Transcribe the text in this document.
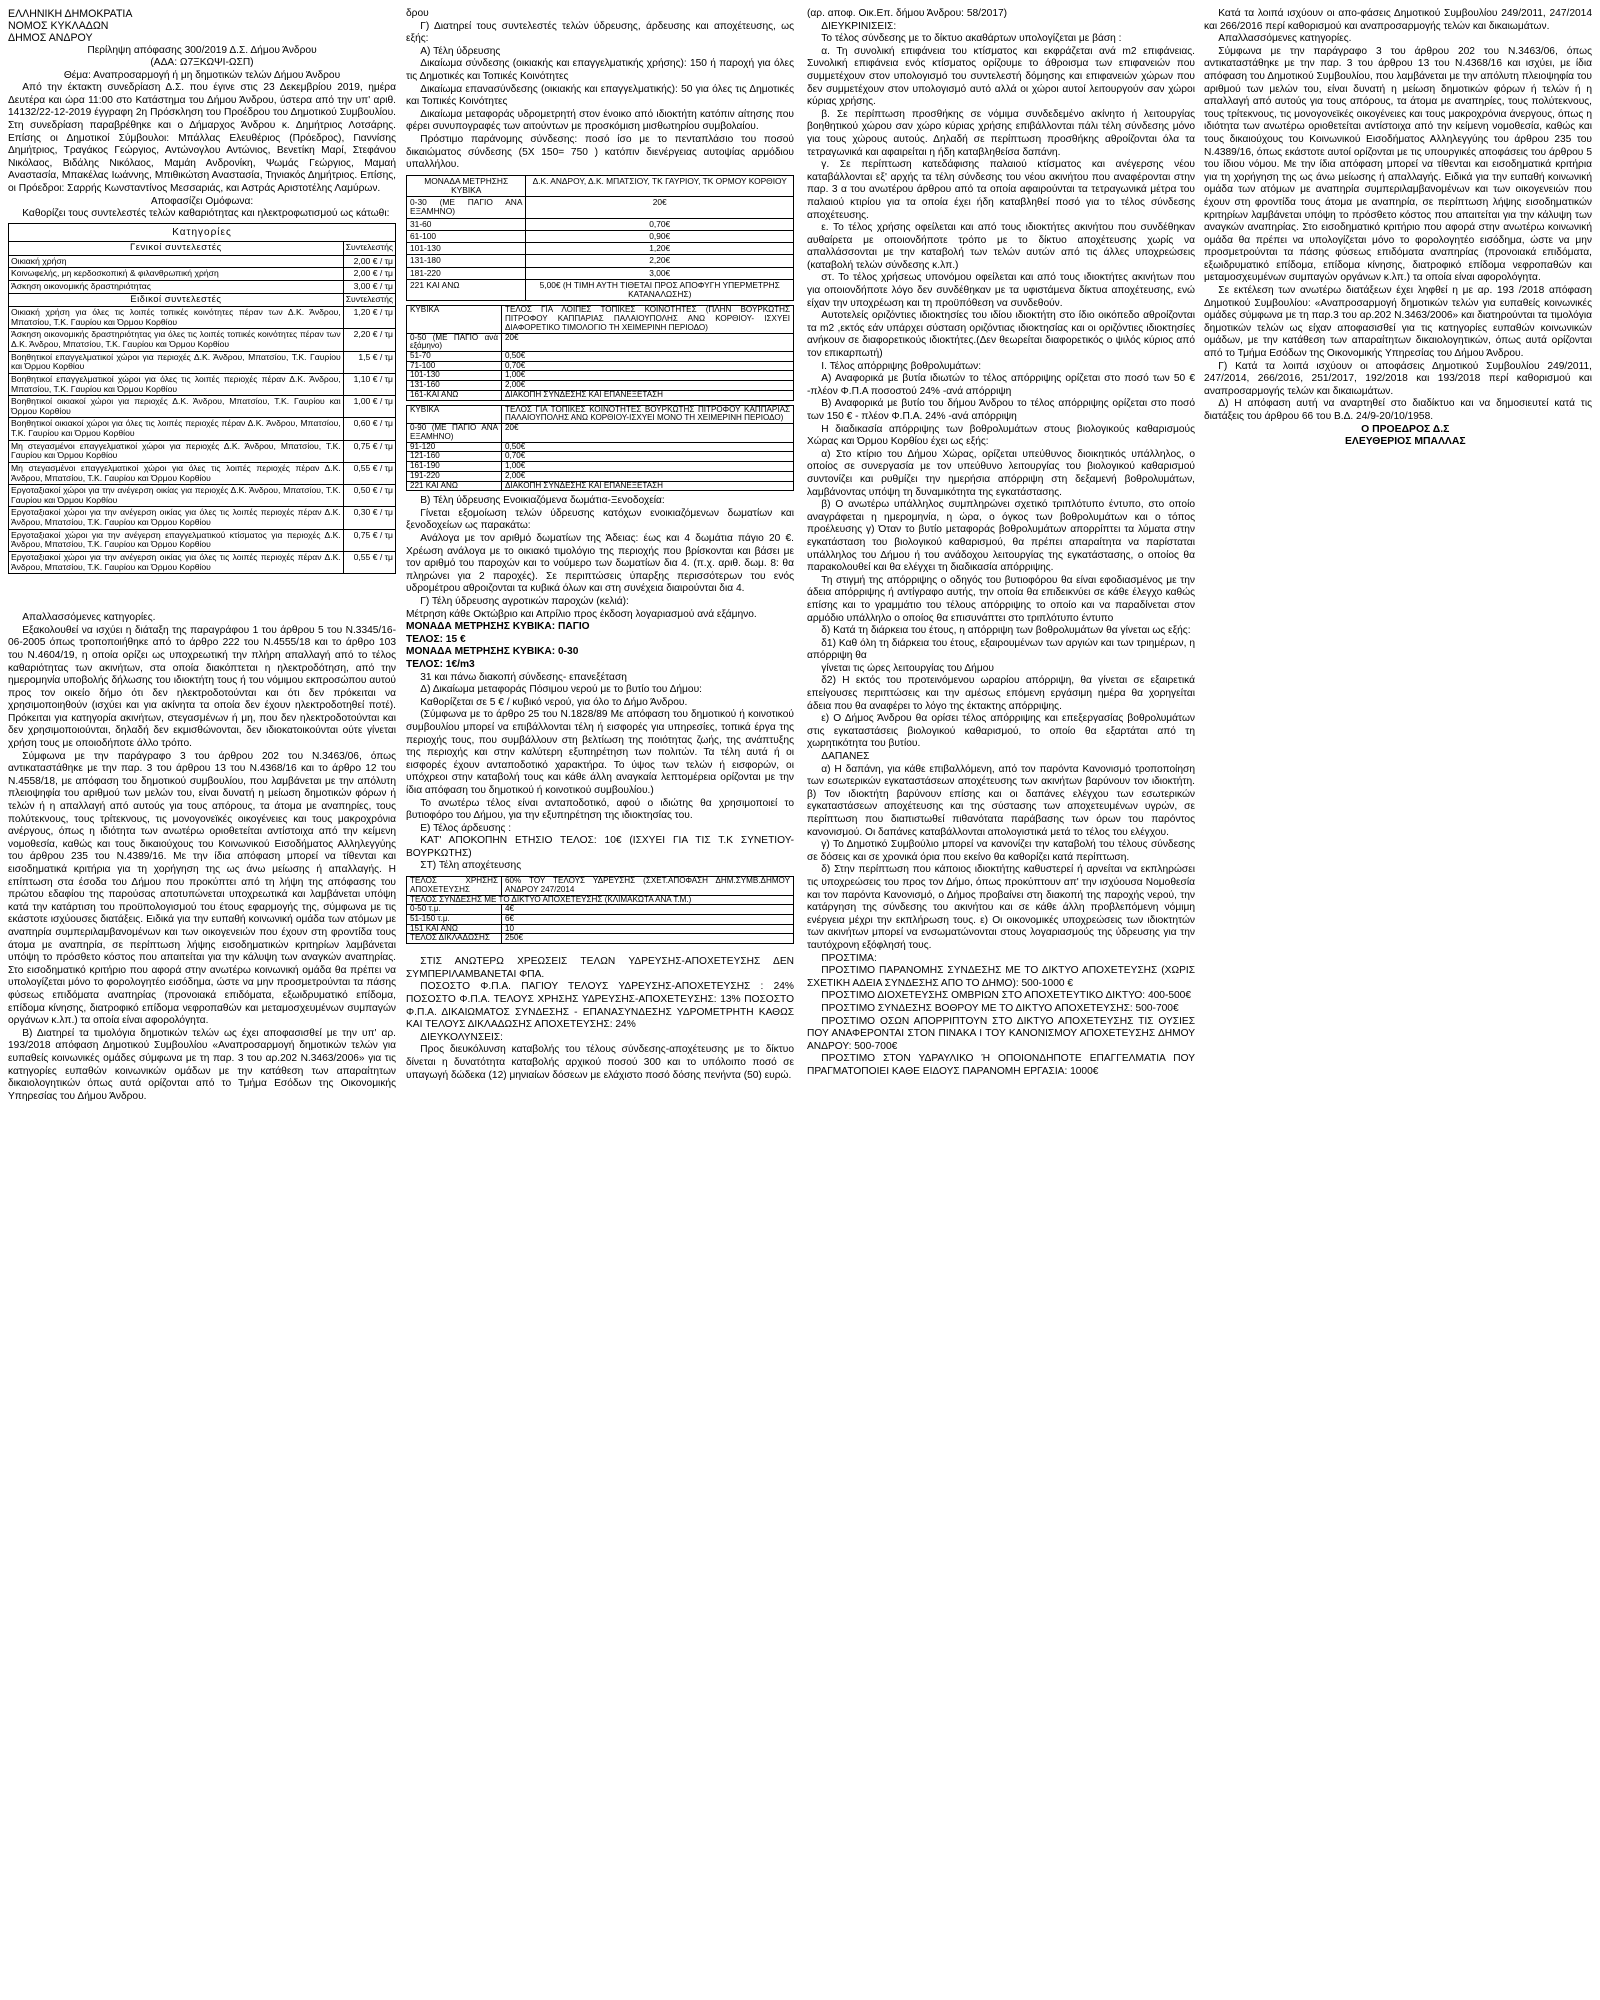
ΕΛΛΗΝΙΚΗ ΔΗΜΟΚΡΑΤΙΑ

ΝΟΜΟΣ ΚΥΚΛΑΔΩΝ

ΔΗΜΟΣ ΑΝΔΡΟΥ

Περίληψη απόφασης 300/2019 Δ.Σ. Δήμου Άνδρου

(ΑΔΑ: Ω7ΞΚΩΨΙ-ΩΣΠ)

Θέμα: Αναπροσαρμογή ή μη δημοτικών τελών Δήμου Άνδρου

Από την έκτακτη συνεδρίαση Δ.Σ. που έγινε στις 23 Δεκεμβρίου 2019, ημέρα Δευτέρα και ώρα 11:00 στο Κατάστημα του Δήμου Άνδρου, ύστερα από την υπ' αριθ. 14132/22-12-2019 έγγραφη 2η Πρόσκληση του Προέδρου του Δημοτικού Συμβουλίου. Στη συνεδρίαση παραβρέθηκε και ο Δήμαρχος Άνδρου κ. Δημήτριος Λοτσάρης. Επίσης οι Δημοτικοί Σύμβουλοι: Μπάλλας Ελευθέριος (Πρόεδρος), Γιαννίσης Δημήτριος, Τραγάκος Γεώργιος, Αντώνογλου Αντώνιος, Βενετίκη Μαρί, Στεφάνου Νικόλαος, Βιδάλης Νικόλαος, Μαμάη Ανδρονίκη, Ψωμάς Γεώργιος, Μαμαή Αναστασία, Μπακέλας Ιωάννης, Μπιθικώτση Αναστασία, Τηνιακός Δημήτριος. Επίσης, οι Πρόεδροι: Σαρρής Κωνσταντίνος Μεσσαριάς, και Αστράς Αριστοτέλης Λαμύρων.

Αποφασίζει Ομόφωνα:

Καθορίζει τους συντελεστές τελών καθαριότητας και ηλεκτροφωτισμού ως κάτωθι:

Κατηγορίες	
Γενικοί συντελεστές	Συντελεστής
Οικιακή χρήση	2,00 € / τμ
Κοινωφελής, μη κερδοσκοπική & φιλανθρωπική χρήση	2,00 € / τμ
Άσκηση οικονομικής δραστηριότητας	3,00 € / τμ
Ειδικοί συντελεστές	Συντελεστής
Οικιακή χρήση για όλες τις λοιπές τοπικές κοινότητες πέραν των Δ.Κ. Άνδρου, Μπατσίου, Τ.Κ. Γαυρίου και Όρμου Κορθίου	1,20 € / τμ
Άσκηση οικονομικής δραστηριότητας για όλες τις λοιπές τοπικές κοινότητες πέραν των Δ.Κ. Άνδρου, Μπατσίου, Τ.Κ. Γαυρίου και Όρμου Κορθίου	2,20 € / τμ
Βοηθητικοί επαγγελματικοί χώροι για περιοχές Δ.Κ. Άνδρου, Μπατσίου, Τ.Κ. Γαυρίου και Όρμου Κορθίου	1,5 € / τμ
Βοηθητικοί επαγγελματικοί χώροι για όλες τις λοιπές περιοχές πέραν Δ.Κ. Άνδρου, Μπατσίου, Τ.Κ. Γαυρίου και Όρμου Κορθίου	1,10 € / τμ
Βοηθητικοί οικιακοί χώροι για περιοχές Δ.Κ. Άνδρου, Μπατσίου, Τ.Κ. Γαυρίου και Όρμου Κορθίου	1,00 € / τμ
Βοηθητικοί οικιακοί χώροι για όλες τις λοιπές περιοχές πέραν Δ.Κ. Άνδρου, Μπατσίου, Τ.Κ. Γαυρίου και Όρμου Κορθίου	0,60 € / τμ
Μη στεγασμένοι επαγγελματικοί χώροι για περιοχές Δ.Κ. Άνδρου, Μπατσίου, Τ.Κ. Γαυρίου και Όρμου Κορθίου	0,75 € / τμ
Μη στεγασμένοι επαγγελματικοί χώροι για όλες τις λοιπές περιοχές πέραν Δ.Κ. Άνδρου, Μπατσίου, Τ.Κ. Γαυρίου και Όρμου Κορθίου	0,55 € / τμ
Εργοταξιακοί χώροι για την ανέγερση οικίας για περιοχές Δ.Κ. Άνδρου, Μπατσίου, Τ.Κ. Γαυρίου και Όρμου Κορθίου	0,50 € / τμ
Εργοταξιακοί χώροι για την ανέγερση οικίας για όλες τις λοιπές περιοχές πέραν Δ.Κ. Άνδρου, Μπατσίου, Τ.Κ. Γαυρίου και Όρμου Κορθίου	0,30 € / τμ
Εργοταξιακοί χώροι για την ανέγερση επαγγελματικού κτίσματος για περιοχές Δ.Κ. Άνδρου, Μπατσίου, Τ.Κ. Γαυρίου και Όρμου Κορθίου	0,75 € / τμ
Εργοταξιακοί χώροι για την ανέγερση οικίας για όλες τις λοιπές περιοχές πέραν Δ.Κ. Άνδρου, Μπατσίου, Τ.Κ. Γαυρίου και Όρμου Κορθίου	0,55 € / τμ

Απαλλασσόμενες κατηγορίες.

Εξακολουθεί να ισχύει η διάταξη της παραγράφου 1 του άρθρου 5 του Ν.3345/16-06-2005 όπως τροποποιήθηκε από το άρθρο 222 του Ν.4555/18 και το άρθρο 103 του Ν.4604/19, η οποία ορίζει ως υποχρεωτική την πλήρη απαλλαγή από το τέλος καθαριότητας των ακινήτων, στα οποία διακόπτεται η ηλεκτροδότηση, από την ημερομηνία υποβολής δήλωσης του ιδιοκτήτη τους ή του νόμιμου εκπροσώπου αυτού προς τον οικείο δήμο ότι δεν ηλεκτροδοτούνται και ότι δεν πρόκειται να χρησιμοποιηθούν (ισχύει και για ακίνητα τα οποία δεν έχουν ηλεκτροδοτηθεί ποτέ). Πρόκειται για κατηγορία ακινήτων, στεγασμένων ή μη, που δεν ηλεκτροδοτούνται και δεν χρησιμοποιούνται, δηλαδή δεν εκμισθώνονται, δεν ιδιοκατοικούνται ούτε γίνεται χρήση τους με οποιοδήποτε άλλο τρόπο.

Σύμφωνα με την παράγραφο 3 του άρθρου 202 του Ν.3463/06, όπως αντικαταστάθηκε με την παρ. 3 του άρθρου 13 του Ν.4368/16 και το άρθρο 12 του Ν.4558/18, με απόφαση του δημοτικού συμβουλίου, που λαμβάνεται με την απόλυτη πλειοψηφία του αριθμού των μελών του, είναι δυνατή η μείωση δημοτικών φόρων ή τελών ή η απαλλαγή από αυτούς για τους απόρους, τα άτομα με αναπηρίες, τους πολύτεκνους, τους τρίτεκνους, τις μονογονεϊκές οικογένειες και τους μακροχρόνια ανέργους, όπως η ιδιότητα των ανωτέρω οριοθετείται αντίστοιχα από την κείμενη νομοθεσία, καθώς και τους δικαιούχους του Κοινωνικού Εισοδήματος Αλληλεγγύης του άρθρου 235 του Ν.4389/16. Με την ίδια απόφαση μπορεί να τίθενται και εισοδηματικά κριτήρια για τη χορήγηση της ως άνω μείωσης ή απαλλαγής. Η επίπτωση στα έσοδα του Δήμου που προκύπτει από τη λήψη της απόφασης του πρώτου εδαφίου της παρούσας αποτυπώνεται υποχρεωτικά και λαμβάνεται υπόψη κατά την κατάρτιση του προϋπολογισμού του έτους εφαρμογής της, σύμφωνα με τις εκάστοτε ισχύουσες διατάξεις. Ειδικά για την ευπαθή κοινωνική ομάδα των ατόμων με αναπηρία συμπεριλαμβανομένων και των οικογενειών που έχουν στη φροντίδα τους άτομα με αναπηρία, σε περίπτωση λήψης εισοδηματικών κριτηρίων λαμβάνεται υπόψη το πρόσθετο κόστος που απαιτείται για την κάλυψη των αναγκών αναπηρίας. Στο εισοδηματικό κριτήριο που αφορά στην ανωτέρω κοινωνική ομάδα θα πρέπει να υπολογίζεται μόνο το φορολογητέο εισόδημα, ώστε να μην προσμετρούνται τα πάσης φύσεως επιδόματα αναπηρίας (προνοιακά επιδόματα, εξωιδρυματικό επίδομα, επίδομα κίνησης, διατροφικό επίδομα νεφροπαθών και μεταμοσχευμένων συμπαγών οργάνων κ.λπ.) τα οποία είναι αφορολόγητα.

Β) Διατηρεί τα τιμολόγια δημοτικών τελών ως έχει αποφασισθεί με την υπ' αρ. 193/2018 απόφαση Δημοτικού Συμβουλίου «Αναπροσαρμογή δημοτικών τελών για ευπαθείς κοινωνικές ομάδες σύμφωνα με τη παρ. 3 του αρ.202 Ν.3463/2006» για τις κατηγορίες ευπαθών κοινωνικών ομάδων με την κατάθεση των απαραίτητων δικαιολογητικών όπως αυτά ορίζονται από το Τμήμα Εσόδων της Οικονομικής Υπηρεσίας του Δήμου Άνδρου.

δρου

Γ) Διατηρεί τους συντελεστές τελών ύδρευσης, άρδευσης και αποχέτευσης, ως εξής:

Α) Τέλη ύδρευσης

Δικαίωμα σύνδεσης (οικιακής και επαγγελματικής χρήσης): 150 ή παροχή για όλες τις Δημοτικές και Τοπικές Κοινότητες

Δικαίωμα επανασύνδεσης (οικιακής και επαγγελματικής): 50 για όλες τις Δημοτικές και Τοπικές Κοινότητες

Δικαίωμα μεταφοράς υδρομετρητή στον ένοικο από ιδιοκτήτη κατόπιν αίτησης που φέρει συνυπογραφές των αιτούντων με προσκόμιση μισθωτηρίου συμβολαίου.

Πρόστιμο παράνομης σύνδεσης: ποσό ίσο με το πενταπλάσιο του ποσού δικαιώματος σύνδεσης (5Χ 150= 750 ) κατόπιν διενέργειας αυτοψίας αρμόδιου υπαλλήλου.

ΜΟΝΑΔΑ ΜΕΤΡΗΣΗΣ ΚΥΒΙΚΑ	Δ.Κ. ΑΝΔΡΟΥ, Δ.Κ. ΜΠΑΤΣΙΟΥ, ΤΚ ΓΑΥΡΙΟΥ, ΤΚ ΟΡΜΟΥ ΚΟΡΘΙΟΥ
0-30 (ΜΕ ΠΑΓΙΟ ΑΝΑ ΕΞΑΜΗΝΟ)	20€
31-60	0,70€
61-100	0,90€
101-130	1,20€
131-180	2,20€
181-220	3,00€
221 ΚΑΙ ΑΝΩ	5,00€ (Η ΤΙΜΗ ΑΥΤΗ ΤΙΘΕΤΑΙ ΠΡΟΣ ΑΠΟΦΥΓΗ ΥΠΕΡΜΕΤΡΗΣ ΚΑΤΑΝΑΛΩΣΗΣ)
ΚΥΒΙΚΑ	ΤΕΛΟΣ ΓΙΑ ΛΟΙΠΕΣ ΤΟΠΙΚΕΣ ΚΟΙΝΟΤΗΤΕΣ (ΠΛΗΝ ΒΟΥΡΚΩΤΗΣ ΠΙΤΡΟΦΟΥ ΚΑΠΠΑΡΙΑΣ ΠΑΛΑΙΟΥΠΟΛΗΣ ΑΝΩ ΚΟΡΘΙΟΥ- ΙΣΧΥΕΙ ΔΙΑΦΟΡΕΤΙΚΟ ΤΙΜΟΛΟΓΙΟ ΤΗ ΧΕΙΜΕΡΙΝΗ ΠΕΡΙΟΔΟ)
0-50 (ΜΕ ΠΑΓΙΟ ανά εξάμηνο)	20€
51-70	0,50€
71-100	0,70€
101-130	1,00€
131-160	2,00€
161-ΚΑΙ ΑΝΩ	ΔΙΑΚΟΠΗ ΣΥΝΔΕΣΗΣ ΚΑΙ ΕΠΑΝΕΞΕΤΑΣΗ
ΚΥΒΙΚΑ	ΤΕΛΟΣ ΓΙΑ ΤΟΠΙΚΕΣ ΚΟΙΝΟΤΗΤΕΣ ΒΟΥΡΚΩΤΗΣ ΠΙΤΡΟΦΟΥ ΚΑΠΠΑΡΙΑΣ ΠΑΛΑΙΟΥΠΟΛΗΣ ΑΝΩ ΚΟΡΘΙΟΥ-ΙΣΧΥΕΙ ΜΟΝΟ ΤΗ ΧΕΙΜΕΡΙΝΗ ΠΕΡΙΟΔΟ)
0-90 (ΜΕ ΠΑΓΙΟ ΑΝΑ ΕΞΑΜΗΝΟ)	20€
91-120	0,50€
121-160	0,70€
161-190	1,00€
191-220	2,00€
221 ΚΑΙ ΑΝΩ	ΔΙΑΚΟΠΗ ΣΥΝΔΕΣΗΣ ΚΑΙ ΕΠΑΝΕΞΕΤΑΣΗ

Β) Τέλη ύδρευσης Ενοικιαζόμενα δωμάτια-Ξενοδοχεία:

Γίνεται εξομοίωση τελών ύδρευσης κατόχων ενοικιαζόμενων δωματίων και ξενοδοχείων ως παρακάτω:

Ανάλογα με τον αριθμό δωματίων της Άδειας: έως και 4 δωμάτια πάγιο 20 €. Χρέωση ανάλογα με το οικιακό τιμολόγιο της περιοχής που βρίσκονται και βάσει με τον αριθμό του παροχών και το νούμερο των δωματίων δια 4. (π.χ. αριθ. δωμ. 8: θα πληρώνει για 2 παροχές). Σε περιπτώσεις ύπαρξης περισσότερων του ενός υδρομέτρου αθροιζονται τα κυβικά όλων και στη συνέχεια διαιρούνται δια 4.

Γ) Τέλη ύδρευσης αγροτικών παροχών (κελιά):

Μέτρηση κάθε Οκτώβριο και Απρίλιο προς έκδοση λογαριασμού ανά εξάμηνο.

ΜΟΝΑΔΑ ΜΕΤΡΗΣΗΣ ΚΥΒΙΚΑ: ΠΑΓΙΟ

ΤΕΛΟΣ: 15 €

ΜΟΝΑΔΑ ΜΕΤΡΗΣΗΣ ΚΥΒΙΚΑ: 0-30

ΤΕΛΟΣ: 1€/m3

31 και πάνω διακοπή σύνδεσης- επανεξέταση

Δ) Δικαίωμα μεταφοράς Πόσιμου νερού με το βυτίο του Δήμου:

Καθορίζεται σε 5 € / κυβικό νερού, για όλο το Δήμο Άνδρου.

(Σύμφωνα με το άρθρο 25 του Ν.1828/89 Με απόφαση του δημοτικού ή κοινοτικού συμβουλίου μπορεί να επιβάλλονται τέλη ή εισφορές για υπηρεσίες, τοπικά έργα της περιοχής τους, που συμβάλλουν στη βελτίωση της ποιότητας ζωής, της ανάπτυξης της περιοχής και στην καλύτερη εξυπηρέτηση των πολιτών. Τα τέλη αυτά ή οι εισφορές έχουν ανταποδοτικό χαρακτήρα. Το ύψος των τελών ή εισφορών, οι υπόχρεοι στην καταβολή τους και κάθε άλλη αναγκαία λεπτομέρεια ορίζονται με την ίδια απόφαση του δημοτικού ή κοινοτικού συμβουλίου.)

Το ανωτέρω τέλος είναι ανταποδοτικό, αφού ο ιδιώτης θα χρησιμοποιεί το βυτιοφόρο του Δήμου, για την εξυπηρέτηση της ιδιοκτησίας του.

Ε) Τέλος άρδευσης :

ΚΑΤ' ΑΠΟΚΟΠΗΝ ΕΤΗΣΙΟ ΤΕΛΟΣ: 10€ (ΙΣΧΥΕΙ ΓΙΑ ΤΙΣ Τ.Κ ΣΥΝΕΤΙΟΥ- ΒΟΥΡΚΩΤΗΣ)

ΣΤ) Τέλη αποχέτευσης

ΤΕΛΟΣ ΧΡΗΣΗΣ ΑΠΟΧΕΤΕΥΣΗΣ	60% ΤΟΥ ΤΕΛΟΥΣ ΥΔΡΕΥΣΗΣ (ΣΧΕΤ.ΑΠΟΦΑΣΗ ΔΗΜ.ΣΥΜΒ.ΔΗΜΟΥ ΑΝΔΡΟΥ 247/2014
ΤΕΛΟΣ ΣΥΝΔΕΣΗΣ ΜΕ ΤΟ ΔΙΚΤΥΟ ΑΠΟΧΕΤΕΥΣΗΣ (ΚΛΙΜΑΚΩΤΑ ΑΝΑ Τ.Μ.)	
0-50 τ.μ.	4€
51-150 τ.μ.	6€
151 ΚΑΙ ΑΝΩ	10
ΤΕΛΟΣ ΔΙΚΛΑΔΩΣΗΣ	250€

ΣΤΙΣ ΑΝΩΤΕΡΩ ΧΡΕΩΣΕΙΣ ΤΕΛΩΝ ΥΔΡΕΥΣΗΣ-ΑΠΟΧΕΤΕΥΣΗΣ ΔΕΝ ΣΥΜΠΕΡΙΛΑΜΒΑΝΕΤΑΙ ΦΠΑ.

ΠΟΣΟΣΤΟ Φ.Π.Α. ΠΑΓΙΟΥ ΤΕΛΟΥΣ ΥΔΡΕΥΣΗΣ-ΑΠΟΧΕΤΕΥΣΗΣ : 24% ΠΟΣΟΣΤΟ Φ.Π.Α. ΤΕΛΟΥΣ ΧΡΗΣΗΣ ΥΔΡΕΥΣΗΣ-ΑΠΟΧΕΤΕΥΣΗΣ: 13% ΠΟΣΟΣΤΟ Φ.Π.Α. ΔΙΚΑΙΩΜΑΤΟΣ ΣΥΝΔΕΣΗΣ - ΕΠΑΝΑΣΥΝΔΕΣΗΣ ΥΔΡΟΜΕΤΡΗΤΗ ΚΑΘΩΣ ΚΑΙ ΤΕΛΟΥΣ ΔΙΚΛΑΔΩΣΗΣ ΑΠΟΧΕΤΕΥΣΗΣ: 24%

ΔΙΕΥΚΟΛΥΝΣΕΙΣ:

Προς διευκόλυνση καταβολής του τέλους σύνδεσης-αποχέτευσης με το δίκτυο δίνεται η δυνατότητα καταβολής αρχικού ποσού 300 και το υπόλοιπο ποσό σε υπαγωγή δώδεκα (12) μηνιαίων δόσεων με ελάχιστο ποσό δόσης πενήντα (50) ευρώ.

(αρ. αποφ. Οικ.Επ. δήμου Άνδρου: 58/2017)

ΔΙΕΥΚΡΙΝΙΣΕΙΣ:

Το τέλος σύνδεσης με το δίκτυο ακαθάρτων υπολογίζεται με βάση :

α. Τη συνολική επιφάνεια του κτίσματος και εκφράζεται ανά m2 επιφάνειας. Συνολική επιφάνεια ενός κτίσματος ορίζουμε το άθροισμα των επιφανειών που συμμετέχουν στον υπολογισμό του συντελεστή δόμησης και επιφανειών χώρων που δεν συμμετέχουν στον υπολογισμό αυτό αλλά οι χώροι αυτοί λειτουργούν σαν χώροι κύριας χρήσης.

β. Σε περίπτωση προσθήκης σε νόμιμα συνδεδεμένο ακίνητο ή λειτουργίας βοηθητικού χώρου σαν χώρο κύριας χρήσης επιβάλλονται πάλι τέλη σύνδεσης μόνο για τους χώρους αυτούς. Δηλαδή σε περίπτωση προσθήκης αθροίζονται όλα τα τετραγωνικά και αφαιρείται η ήδη καταβληθείσα δαπάνη.

γ. Σε περίπτωση κατεδάφισης παλαιού κτίσματος και ανέγερσης νέου καταβάλλονται εξ' αρχής τα τέλη σύνδεσης του νέου ακινήτου που αναφέρονται στην παρ. 3 α του ανωτέρου άρθρου από τα οποία αφαιρούνται τα τετραγωνικά μέτρα του παλαιού κτιρίου για τα οποία έχει ήδη καταβληθεί ποσό για το τέλος σύνδεσης αποχέτευσης.

ε. Το τέλος χρήσης οφείλεται και από τους ιδιοκτήτες ακινήτου που συνδέθηκαν αυθαίρετα με οποιονδήποτε τρόπο με το δίκτυο αποχέτευσης χωρίς να απαλλάσσονται με την καταβολή των τελών αυτών από τις άλλες υποχρεώσεις (καταβολή τελών σύνδεσης κ.λπ.)

στ. Το τέλος χρήσεως υπονόμου οφείλεται και από τους ιδιοκτήτες ακινήτων που για οποιονδήποτε λόγο δεν συνδέθηκαν με τα υφιστάμενα δίκτυα αποχέτευσης, ενώ είχαν την υποχρέωση και τη προϋπόθεση να συνδεθούν.

Αυτοτελείς οριζόντιες ιδιοκτησίες του ιδίου ιδιοκτήτη στο ίδιο οικόπεδο αθροίζονται τα m2 ,εκτός εάν υπάρχει σύσταση οριζόντιας ιδιοκτησίας και οι οριζόντιες ιδιοκτησίες ανήκουν σε διαφορετικούς ιδιοκτήτες.(Δεν θεωρείται διαφορετικός ο ψιλός κύριος από τον επικαρπωτή)

Ι. Τέλος απόρριψης βοθρολυμάτων:

Α) Αναφορικά με βυτία ιδιωτών το τέλος απόρριψης ορίζεται στο ποσό των 50 € -πλέον Φ.Π.Α ποσοστού 24% -ανά απόρριψη

Β) Αναφορικά με βυτίο του δήμου Άνδρου το τέλος απόρριψης ορίζεται στο ποσό των 150 € - πλέον Φ.Π.Α. 24% -ανά απόρριψη

Η διαδικασία απόρριψης των βοθρολυμάτων στους βιολογικούς καθαρισμούς Χώρας και Όρμου Κορθίου έχει ως εξής:

α) Στο κτίριο του Δήμου Χώρας, ορίζεται υπεύθυνος διοικητικός υπάλληλος, ο οποίος σε συνεργασία με τον υπεύθυνο λειτουργίας του βιολογικού καθαρισμού συντονίζει και ρυθμίζει την ημερήσια απόρριψη στη δεξαμενή βοθρολυμάτων, λαμβάνοντας υπόψη τη δυναμικότητα της εγκατάστασης.

β) Ο ανωτέρω υπάλληλος συμπληρώνει σχετικό τριπλότυπο έντυπο, στο οποίο αναγράφεται η ημερομηνία, η ώρα, ο όγκος των βοθρολυμάτων και ο τόπος προέλευσης γ) Όταν το βυτίο μεταφοράς βοθρολυμάτων απορρίπτει τα λύματα στην εγκατάσταση του βιολογικού καθαρισμού, θα πρέπει απαραίτητα να παρίσταται υπάλληλος του Δήμου ή του ανάδοχου λειτουργίας της εγκατάστασης, ο οποίος θα παρακολουθεί και θα ελέγχει τη διαδικασία απόρριψης.

Τη στιγμή της απόρριψης ο οδηγός του βυτιοφόρου θα είναι εφοδιασμένος με την άδεια απόρριψης ή αντίγραφο αυτής, την οποία θα επιδεικνύει σε κάθε έλεγχο καθώς επίσης και το γραμμάτιο του τέλους απόρριψης το οποίο και να παραδίνεται στον αρμόδιο υπάλληλο ο οποίος θα επισυνάπτει στο τριπλότυπο έντυπο

δ) Κατά τη διάρκεια του έτους, η απόρριψη των βοθρολυμάτων θα γίνεται ως εξής:

δ1) Καθ όλη τη διάρκεια του έτους, εξαιρουμένων των αργιών και των τριημέρων, η απόρριψη θα

γίνεται τις ώρες λειτουργίας του Δήμου

δ2) Η εκτός του προτεινόμενου ωραρίου απόρριψη, θα γίνεται σε εξαιρετικά επείγουσες περιπτώσεις και την αμέσως επόμενη εργάσιμη ημέρα θα χορηγείται άδεια που θα αναφέρει το λόγο της έκτακτης απόρριψης.

ε) Ο Δήμος Άνδρου θα ορίσει τέλος απόρριψης και επεξεργασίας βοθρολυμάτων στις εγκαταστάσεις βιολογικού καθαρισμού, το οποίο θα εξαρτάται από τη χωρητικότητα του βυτίου.

ΔΑΠΑΝΕΣ

α) Η δαπάνη, για κάθε επιβαλλόμενη, από τον παρόντα Κανονισμό τροποποίηση των εσωτερικών εγκαταστάσεων αποχέτευσης των ακινήτων βαρύνουν τον ιδιοκτήτη. β) Τον ιδιοκτήτη βαρύνουν επίσης και οι δαπάνες ελέγχου των εσωτερικών εγκαταστάσεων αποχέτευσης και της σύστασης των αποχετευμένων υγρών, σε περίπτωση που διαπιστωθεί πιθανότατα παράβασης των όρων του παρόντος κανονισμού. Οι δαπάνες καταβάλλονται απολογιστικά μετά το τέλος του ελέγχου.

γ) Το Δημοτικό Συμβούλιο μπορεί να κανονίζει την καταβολή του τέλους σύνδεσης σε δόσεις και σε χρονικά όρια που εκείνο θα καθορίζει κατά περίπτωση.

δ) Στην περίπτωση που κάποιος ιδιοκτήτης καθυστερεί ή αρνείται να εκπληρώσει τις υποχρεώσεις του προς τον Δήμο, όπως προκύπτουν απ' την ισχύουσα Νομοθεσία και τον παρόντα Κανονισμό, ο Δήμος προβαίνει στη διακοπή της παροχής νερού, την κατάργηση της σύνδεσης του ακινήτου και σε κάθε άλλη προβλεπόμενη νόμιμη ενέργεια μέχρι την εκπλήρωση τους. ε) Οι οικονομικές υποχρεώσεις των ιδιοκτητών των ακινήτων μπορεί να ενσωματώνονται στους λογαριασμούς της ύδρευσης για την ταυτόχρονη εξόφλησή τους.

ΠΡΟΣΤΙΜΑ:

ΠΡΟΣΤΙΜΟ ΠΑΡΑΝΟΜΗΣ ΣΥΝΔΕΣΗΣ ΜΕ ΤΟ ΔΙΚΤΥΟ ΑΠΟΧΕΤΕΥΣΗΣ (ΧΩΡΙΣ ΣΧΕΤΙΚΗ ΑΔΕΙΑ ΣΥΝΔΕΣΗΣ ΑΠΟ ΤΟ ΔΗΜΟ): 500-1000 €

ΠΡΟΣΤΙΜΟ ΔΙΟΧΕΤΕΥΣΗΣ ΟΜΒΡΙΩΝ ΣΤΟ ΑΠΟΧΕΤΕΥΤΙΚΟ ΔΙΚΤΥΟ: 400-500€

ΠΡΟΣΤΙΜΟ ΣΥΝΔΕΣΗΣ ΒΟΘΡΟΥ ΜΕ ΤΟ ΔΙΚΤΥΟ ΑΠΟΧΕΤΕΥΣΗΣ: 500-700€

ΠΡΟΣΤΙΜΟ ΟΣΩΝ ΑΠΟΡΡΙΠΤΟΥΝ ΣΤΟ ΔΙΚΤΥΟ ΑΠΟΧΕΤΕΥΣΗΣ ΤΙΣ ΟΥΣΙΕΣ ΠΟΥ ΑΝΑΦΕΡΟΝΤΑΙ ΣΤΟΝ ΠΙΝΑΚΑ Ι ΤΟΥ ΚΑΝΟΝΙΣΜΟΥ ΑΠΟΧΕΤΕΥΣΗΣ ΔΗΜΟΥ ΑΝΔΡΟΥ: 500-700€

ΠΡΟΣΤΙΜΟ ΣΤΟΝ ΥΔΡΑΥΛΙΚΟ Ή ΟΠΟΙΟΝΔΗΠΟΤΕ ΕΠΑΓΓΕΛΜΑΤΙΑ ΠΟΥ ΠΡΑΓΜΑΤΟΠΟΙΕΙ ΚΑΘΕ ΕΙΔΟΥΣ ΠΑΡΑΝΟΜΗ ΕΡΓΑΣΙΑ: 1000€

Κατά τα λοιπά ισχύουν οι απο-φάσεις Δημοτικού Συμβουλίου 249/2011, 247/2014 και 266/2016 περί καθορισμού και αναπροσαρμογής τελών και δικαιωμάτων.

Απαλλασσόμενες κατηγορίες.

Σύμφωνα με την παράγραφο 3 του άρθρου 202 του Ν.3463/06, όπως αντικαταστάθηκε με την παρ. 3 του άρθρου 13 του Ν.4368/16 και ισχύει, με ίδια απόφαση του Δημοτικού Συμβουλίου, που λαμβάνεται με την απόλυτη πλειοψηφία του αριθμού των μελών του, είναι δυνατή η μείωση δημοτικών φόρων ή τελών ή η απαλλαγή από αυτούς για τους απόρους, τα άτομα με αναπηρίες, τους πολύτεκνους, τους τρίτεκνους, τις μονογονεϊκές οικογένειες και τους μακροχρόνια άνεργους, όπως η ιδιότητα των ανωτέρω οριοθετείται αντίστοιχα από την κείμενη νομοθεσία, καθώς και τους δικαιούχους του Κοινωνικού Εισοδήματος Αλληλεγγύης του άρθρου 235 του Ν.4389/16, όπως εκάστοτε αυτοί ορίζονται με τις υπουργικές αποφάσεις του άρθρου 5 του ίδιου νόμου. Με την ίδια απόφαση μπορεί να τίθενται και εισοδηματικά κριτήρια για τη χορήγηση της ως άνω μείωσης ή απαλλαγής. Ειδικά για την ευπαθή κοινωνική ομάδα των ατόμων με αναπηρία συμπεριλαμβανομένων και των οικογενειών που έχουν στη φροντίδα τους άτομα με αναπηρία, σε περίπτωση λήψης εισοδηματικών κριτηρίων λαμβάνεται υπόψη το πρόσθετο κόστος που απαιτείται για την κάλυψη των αναγκών αναπηρίας. Στο εισοδηματικό κριτήριο που αφορά στην ανωτέρω κοινωνική ομάδα θα πρέπει να υπολογίζεται μόνο το φορολογητέο εισόδημα, ώστε να μην προσμετρούνται τα πάσης φύσεως επιδόματα αναπηρίας (προνοιακά επιδόματα, εξωιδρυματικό επίδομα, επίδομα κίνησης, διατροφικό επίδομα νεφροπαθών και μεταμοσχευμένων συμπαγών οργάνων κ.λπ.) τα οποία είναι αφορολόγητα.

Σε εκτέλεση των ανωτέρω διατάξεων έχει ληφθεί η με αρ. 193 /2018 απόφαση Δημοτικού Συμβουλίου: «Αναπροσαρμογή δημοτικών τελών για ευπαθείς κοινωνικές ομάδες σύμφωνα με τη παρ.3 του αρ.202 Ν.3463/2006» και διατηρούνται τα τιμολόγια δημοτικών τελών ως είχαν αποφασισθεί για τις κατηγορίες ευπαθών κοινωνικών ομάδων, με την κατάθεση των απαραίτητων δικαιολογητικών, όπως αυτά ορίζονται από το Τμήμα Εσόδων της Οικονομικής Υπηρεσίας του Δήμου Άνδρου.

Γ) Κατά τα λοιπά ισχύουν οι αποφάσεις Δημοτικού Συμβουλίου 249/2011, 247/2014, 266/2016, 251/2017, 192/2018 και 193/2018 περί καθορισμού και αναπροσαρμογής τελών και δικαιωμάτων.

Δ) Η απόφαση αυτή να αναρτηθεί στο διαδίκτυο και να δημοσιευτεί κατά τις διατάξεις του άρθρου 66 του Β.Δ. 24/9-20/10/1958.

Ο ΠΡΟΕΔΡΟΣ Δ.Σ

ΕΛΕΥΘΕΡΙΟΣ ΜΠΑΛΛΑΣ
